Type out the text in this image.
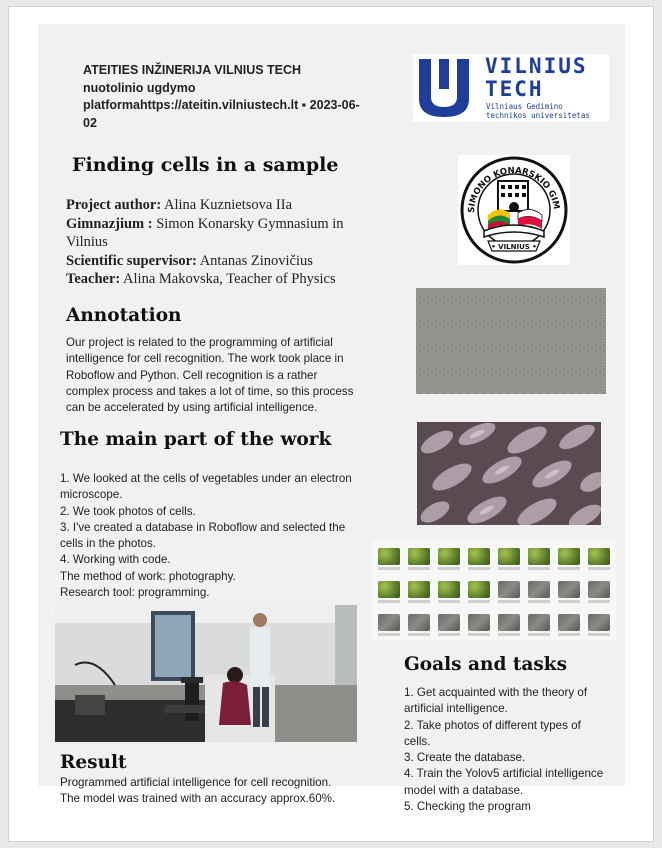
ATEITIES INŽINERIJA VILNIUS TECH
nuotolinio ugdymo
platformahttps://ateitin.vilniustech.lt ▪ 2023-06-
02
VILNIUS
TECH
Vilniaus Gedimino
technikos universitetas
SIMONO KONARSKIO GIM
• VILNIUS •
Finding cells in a sample
Project author: Alina Kuznietsova IIa
Gimnazjium : Simon Konarsky Gymnasium in
Vilnius
Scientific supervisor: Antanas Zinovičius
Teacher: Alina Makovska, Teacher of Physics
Annotation
Our project is related to the programming of artificial
intelligence for cell recognition. The work took place in
Roboflow and Python. Cell recognition is a rather
complex process and takes a lot of time, so this process
can be accelerated by using artificial intelligence.
The main part of the work
1. We looked at the cells of vegetables under an electron
microscope.
2. We took photos of cells.
3. I've created a database in Roboflow and selected the
cells in the photos.
4. Working with code.
The method of work: photography.
Research tool: programming.
Goals and tasks
1. Get acquainted with the theory of
artificial intelligence.
2. Take photos of different types of
cells.
3. Create the database.
4. Train the Yolov5 artificial intelligence
model with a database.
5. Checking the program
Result
Programmed artificial intelligence for cell recognition.
The model was trained with an accuracy approx.60%.
